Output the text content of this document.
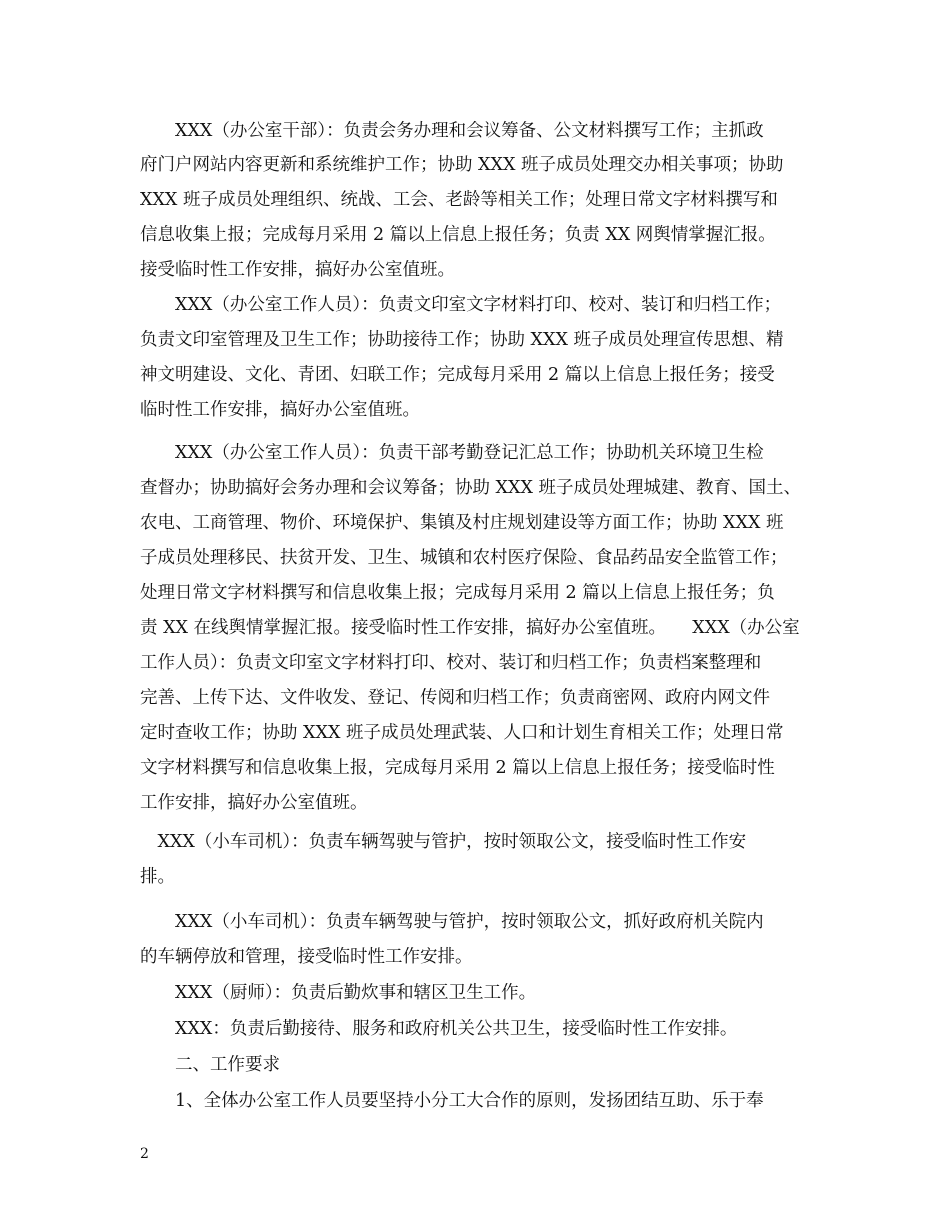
　　XXX（办公室干部）：负责会务办理和会议筹备、公文材料撰写工作；主抓政
府门户网站内容更新和系统维护工作；协助 XXX 班子成员处理交办相关事项；协助
XXX 班子成员处理组织、统战、工会、老龄等相关工作；处理日常文字材料撰写和
信息收集上报；完成每月采用 2 篇以上信息上报任务；负责 XX 网舆情掌握汇报。
接受临时性工作安排，搞好办公室值班。
　　XXX（办公室工作人员）：负责文印室文字材料打印、校对、装订和归档工作；
负责文印室管理及卫生工作；协助接待工作；协助 XXX 班子成员处理宣传思想、精
神文明建设、文化、青团、妇联工作；完成每月采用 2 篇以上信息上报任务；接受
临时性工作安排，搞好办公室值班。
　　XXX（办公室工作人员）：负责干部考勤登记汇总工作；协助机关环境卫生检
查督办；协助搞好会务办理和会议筹备；协助 XXX 班子成员处理城建、教育、国土、
农电、工商管理、物价、环境保护、集镇及村庄规划建设等方面工作；协助 XXX 班
子成员处理移民、扶贫开发、卫生、城镇和农村医疗保险、食品药品安全监管工作；
处理日常文字材料撰写和信息收集上报；完成每月采用 2 篇以上信息上报任务；负
责 XX 在线舆情掌握汇报。接受临时性工作安排，搞好办公室值班。　　XXX（办公室
工作人员）：负责文印室文字材料打印、校对、装订和归档工作；负责档案整理和
完善、上传下达、文件收发、登记、传阅和归档工作；负责商密网、政府内网文件
定时查收工作；协助 XXX 班子成员处理武装、人口和计划生育相关工作；处理日常
文字材料撰写和信息收集上报，完成每月采用 2 篇以上信息上报任务；接受临时性
工作安排，搞好办公室值班。
　XXX（小车司机）：负责车辆驾驶与管护，按时领取公文，接受临时性工作安
排。
　　XXX（小车司机）：负责车辆驾驶与管护，按时领取公文，抓好政府机关院内
的车辆停放和管理，接受临时性工作安排。
　　XXX（厨师）：负责后勤炊事和辖区卫生工作。
　　XXX：负责后勤接待、服务和政府机关公共卫生，接受临时性工作安排。
　　二、工作要求
　　1、全体办公室工作人员要坚持小分工大合作的原则，发扬团结互助、乐于奉
2
